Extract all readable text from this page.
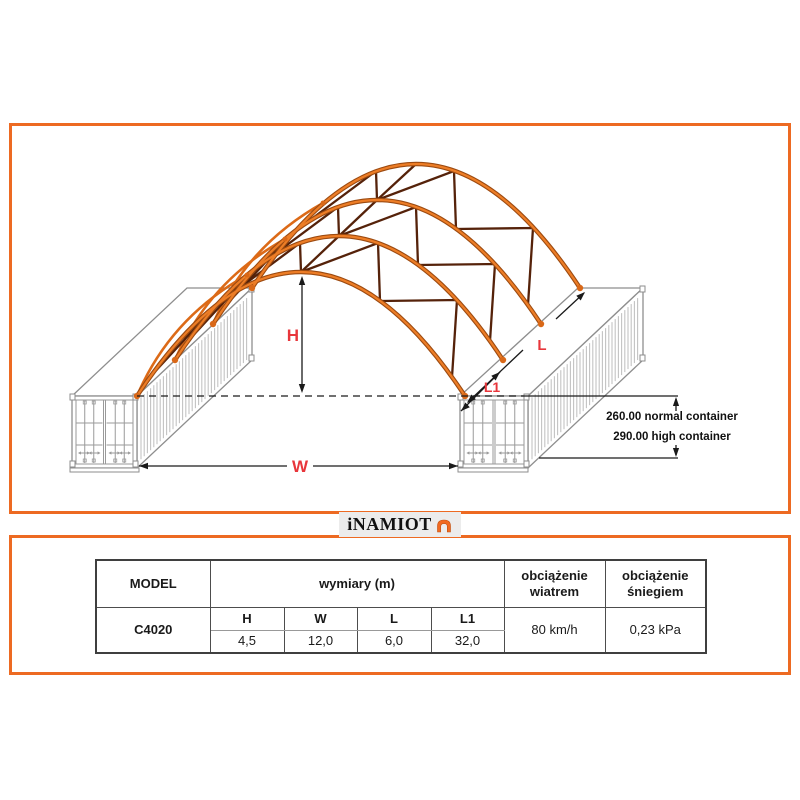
H
W
L
L1
260.00 normal container
290.00 high container
iNAMIOT
MODEL	wymiary (m)				obciążenie wiatrem	obciążenie śniegiem
C4020	H	W	L	L1	80 km/h	0,23 kPa
	4,5	12,0	6,0	32,0		
